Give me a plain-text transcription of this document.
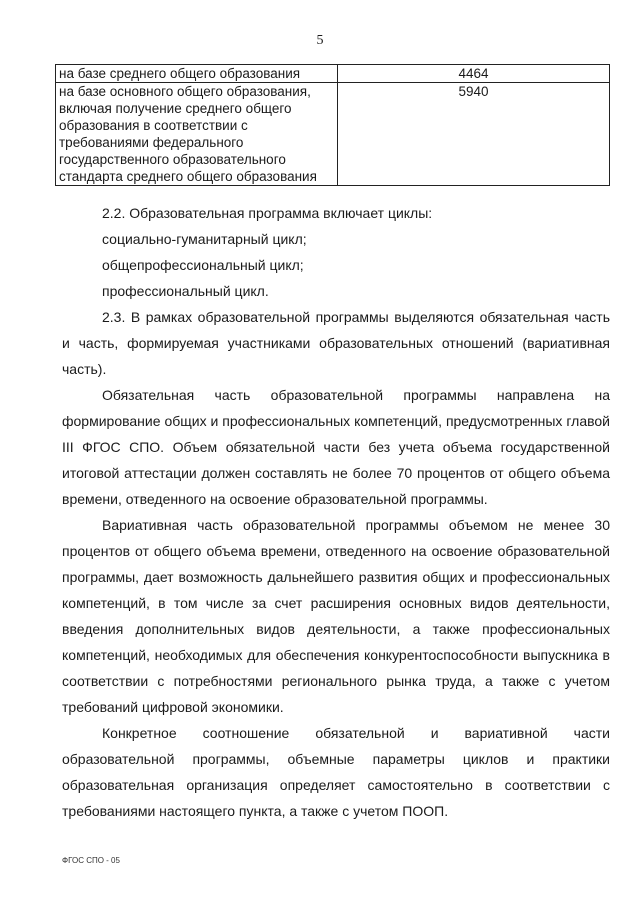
5
на базе среднего общего образования	4464
на базе основного общего образования, включая получение среднего общего образования в соответствии с требованиями федерального государственного образовательного стандарта среднего общего образования	5940

2.2. Образовательная программа включает циклы:

социально-гуманитарный цикл;

общепрофессиональный цикл;

профессиональный цикл.

2.3. В рамках образовательной программы выделяются обязательная часть и часть, формируемая участниками образовательных отношений (вариативная часть).

Обязательная часть образовательной программы направлена на формирование общих и профессиональных компетенций, предусмотренных главой III ФГОС СПО. Объем обязательной части без учета объема государственной итоговой аттестации должен составлять не более 70 процентов от общего объема времени, отведенного на освоение образовательной программы.

Вариативная часть образовательной программы объемом не менее 30 процентов от общего объема времени, отведенного на освоение образовательной программы, дает возможность дальнейшего развития общих и профессиональных компетенций, в том числе за счет расширения основных видов деятельности, введения дополнительных видов деятельности, а также профессиональных компетенций, необходимых для обеспечения конкурентоспособности выпускника в соответствии с потребностями регионального рынка труда, а также с учетом требований цифровой экономики.

Конкретное соотношение обязательной и вариативной части образовательной программы, объемные параметры циклов и практики образовательная организация определяет самостоятельно в соответствии с требованиями настоящего пункта, а также с учетом ПООП.

ФГОС СПО - 05
